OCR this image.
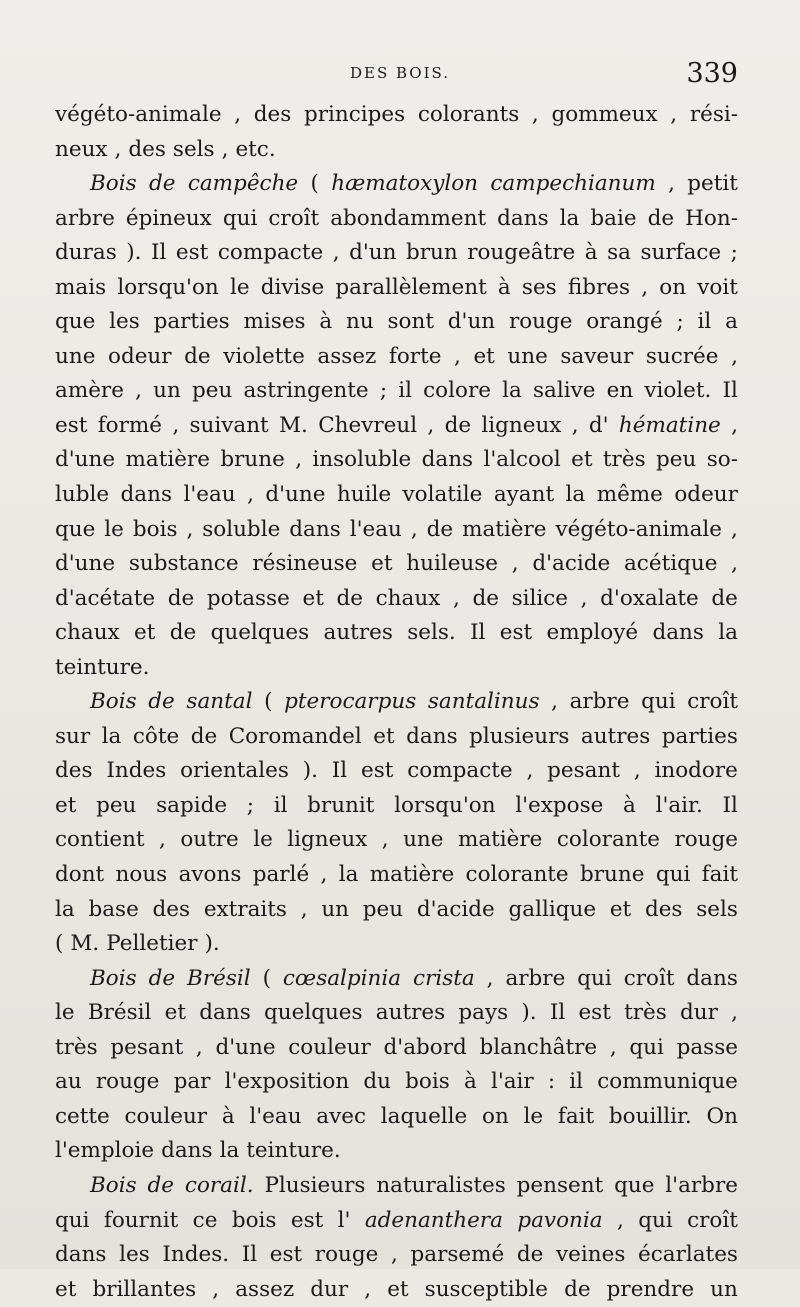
DES BOIS.	339
végéto-animale , des principes colorants , gommeux , rési-
neux , des sels , etc.
Bois de campêche ( hæmatoxylon campechianum , petit
arbre épineux qui croît abondamment dans la baie de Hon-
duras ). Il est compacte , d'un brun rougeâtre à sa surface ;
mais lorsqu'on le divise parallèlement à ses fibres , on voit
que les parties mises à nu sont d'un rouge orangé ; il a
une odeur de violette assez forte , et une saveur sucrée ,
amère , un peu astringente ; il colore la salive en violet. Il
est formé , suivant M. Chevreul , de ligneux , d' hématine ,
d'une matière brune , insoluble dans l'alcool et très peu so-
luble dans l'eau , d'une huile volatile ayant la même odeur
que le bois , soluble dans l'eau , de matière végéto-animale ,
d'une substance résineuse et huileuse , d'acide acétique ,
d'acétate de potasse et de chaux , de silice , d'oxalate de
chaux et de quelques autres sels. Il est employé dans la
teinture.
Bois de santal ( pterocarpus santalinus , arbre qui croît
sur la côte de Coromandel et dans plusieurs autres parties
des Indes orientales ). Il est compacte , pesant , inodore
et peu sapide ; il brunit lorsqu'on l'expose à l'air. Il
contient , outre le ligneux , une matière colorante rouge
dont nous avons parlé , la matière colorante brune qui fait
la base des extraits , un peu d'acide gallique et des sels
( M. Pelletier ).
Bois de Brésil ( cœsalpinia crista , arbre qui croît dans
le Brésil et dans quelques autres pays ). Il est très dur ,
très pesant , d'une couleur d'abord blanchâtre , qui passe
au rouge par l'exposition du bois à l'air : il communique
cette couleur à l'eau avec laquelle on le fait bouillir. On
l'emploie dans la teinture.
Bois de corail. Plusieurs naturalistes pensent que l'arbre
qui fournit ce bois est l' adenanthera pavonia , qui croît
dans les Indes. Il est rouge , parsemé de veines écarlates
et brillantes , assez dur , et susceptible de prendre un
